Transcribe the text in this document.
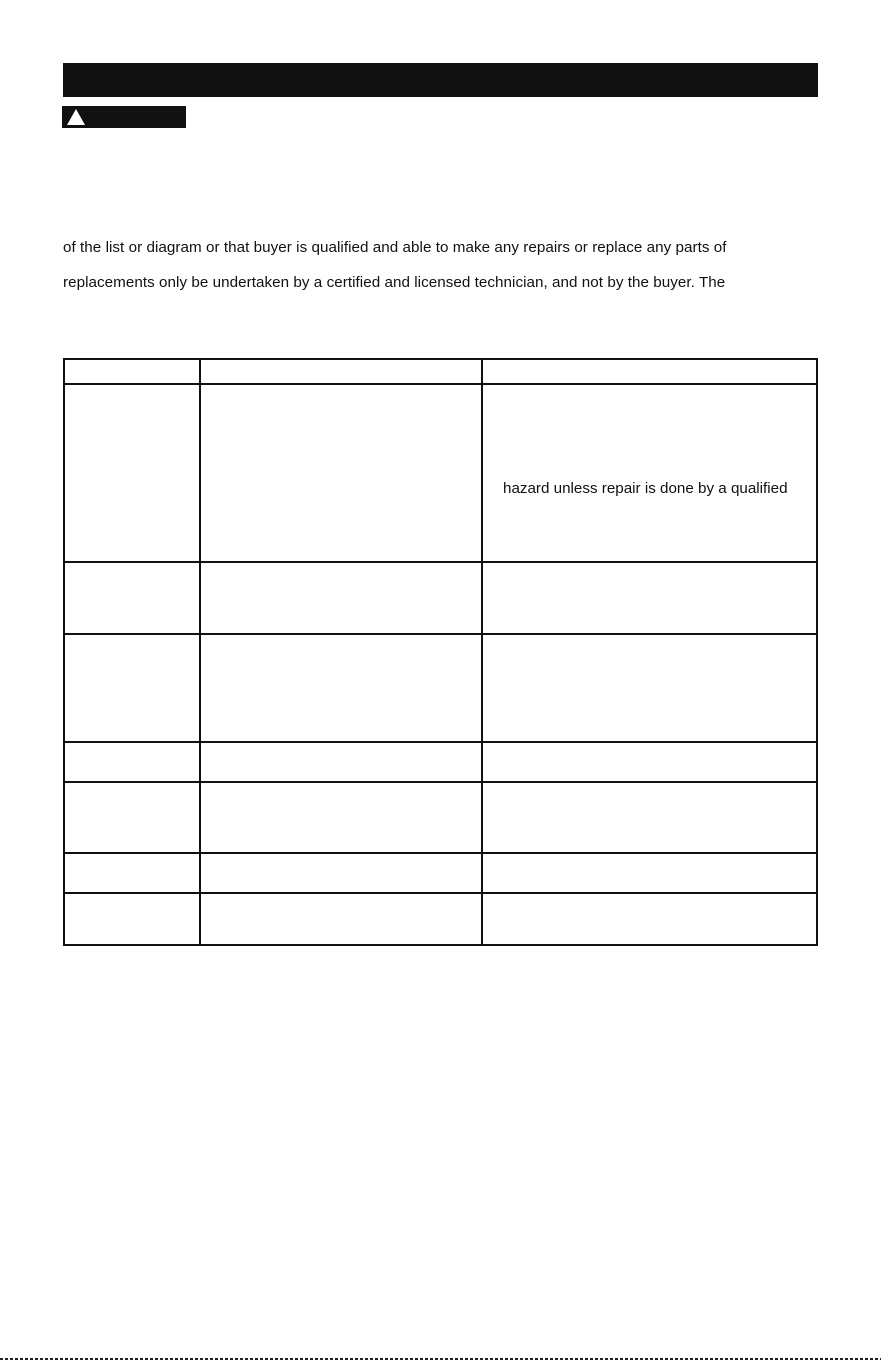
of the list or diagram or that buyer is qualified and able to make any repairs or replace any parts of
replacements only be undertaken by a certified and licensed technician, and not by the buyer. The
hazard unless repair is done by a qualified
